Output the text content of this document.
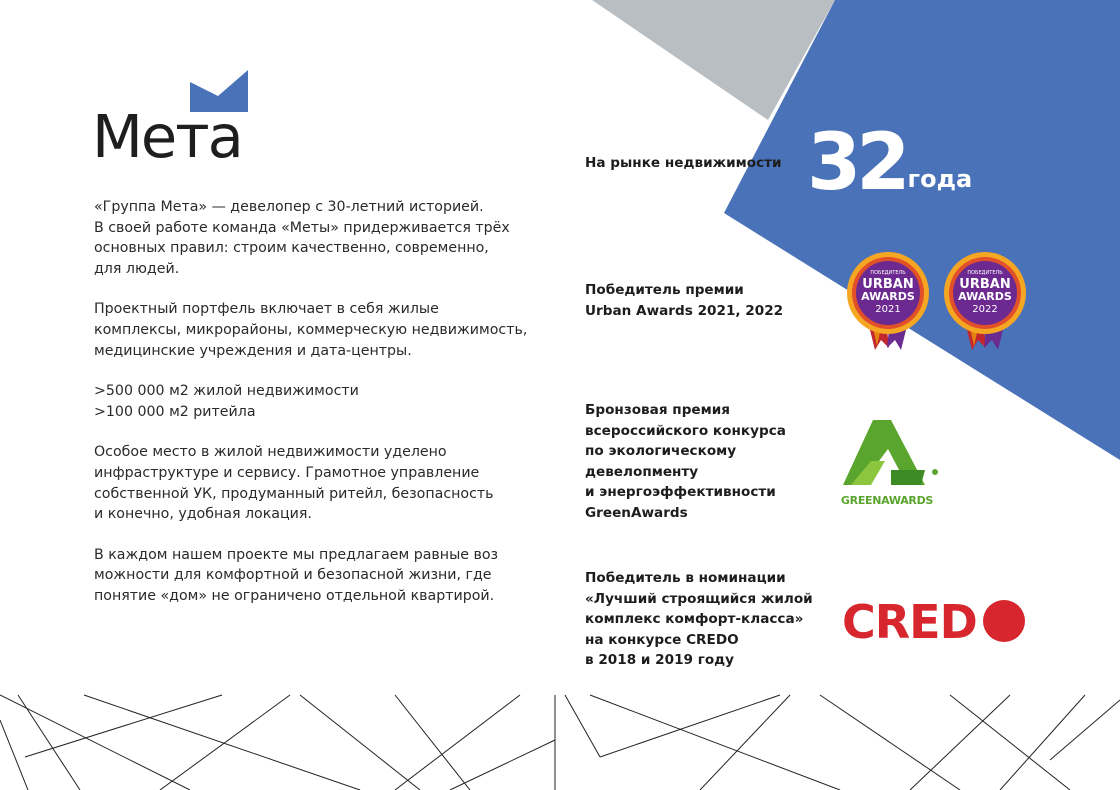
Мета

«Группа Мета» — девелопер с 30-летний историей.
В своей работе команда «Меты» придерживается трёх
основных правил: строим качественно, современно,
для людей.

Проектный портфель включает в себя жилые
комплексы, микрорайоны, коммерческую недвижимость,
медицинские учреждения и дата-центры.

>500 000 м2 жилой недвижимости
>100 000 м2 ритейла

Особое место в жилой недвижимости уделено
инфраструктуре и сервису. Грамотное управление
собственной УК, продуманный ритейл, безопасность
и конечно, удобная локация.

В каждом нашем проекте мы предлагаем равные воз
можности для комфортной и безопасной жизни, где
понятие «дом» не ограничено отдельной квартирой.

На рынке недвижимости 32года
Победитель премии
Urban Awards 2021, 2022
ПОБЕДИТЕЛЬ
URBAN
AWARDS
2021
ПОБЕДИТЕЛЬ
URBAN
AWARDS
2022
Бронзовая премия
всероссийского конкурса
по экологическому
девелопменту
и энергоэффективности
GreenAwards
GREENAWARDS
Победитель в номинации
«Лучший строящийся жилой
комплекс комфорт-класса»
на конкурсе CREDO
в 2018 и 2019 году
CRED
